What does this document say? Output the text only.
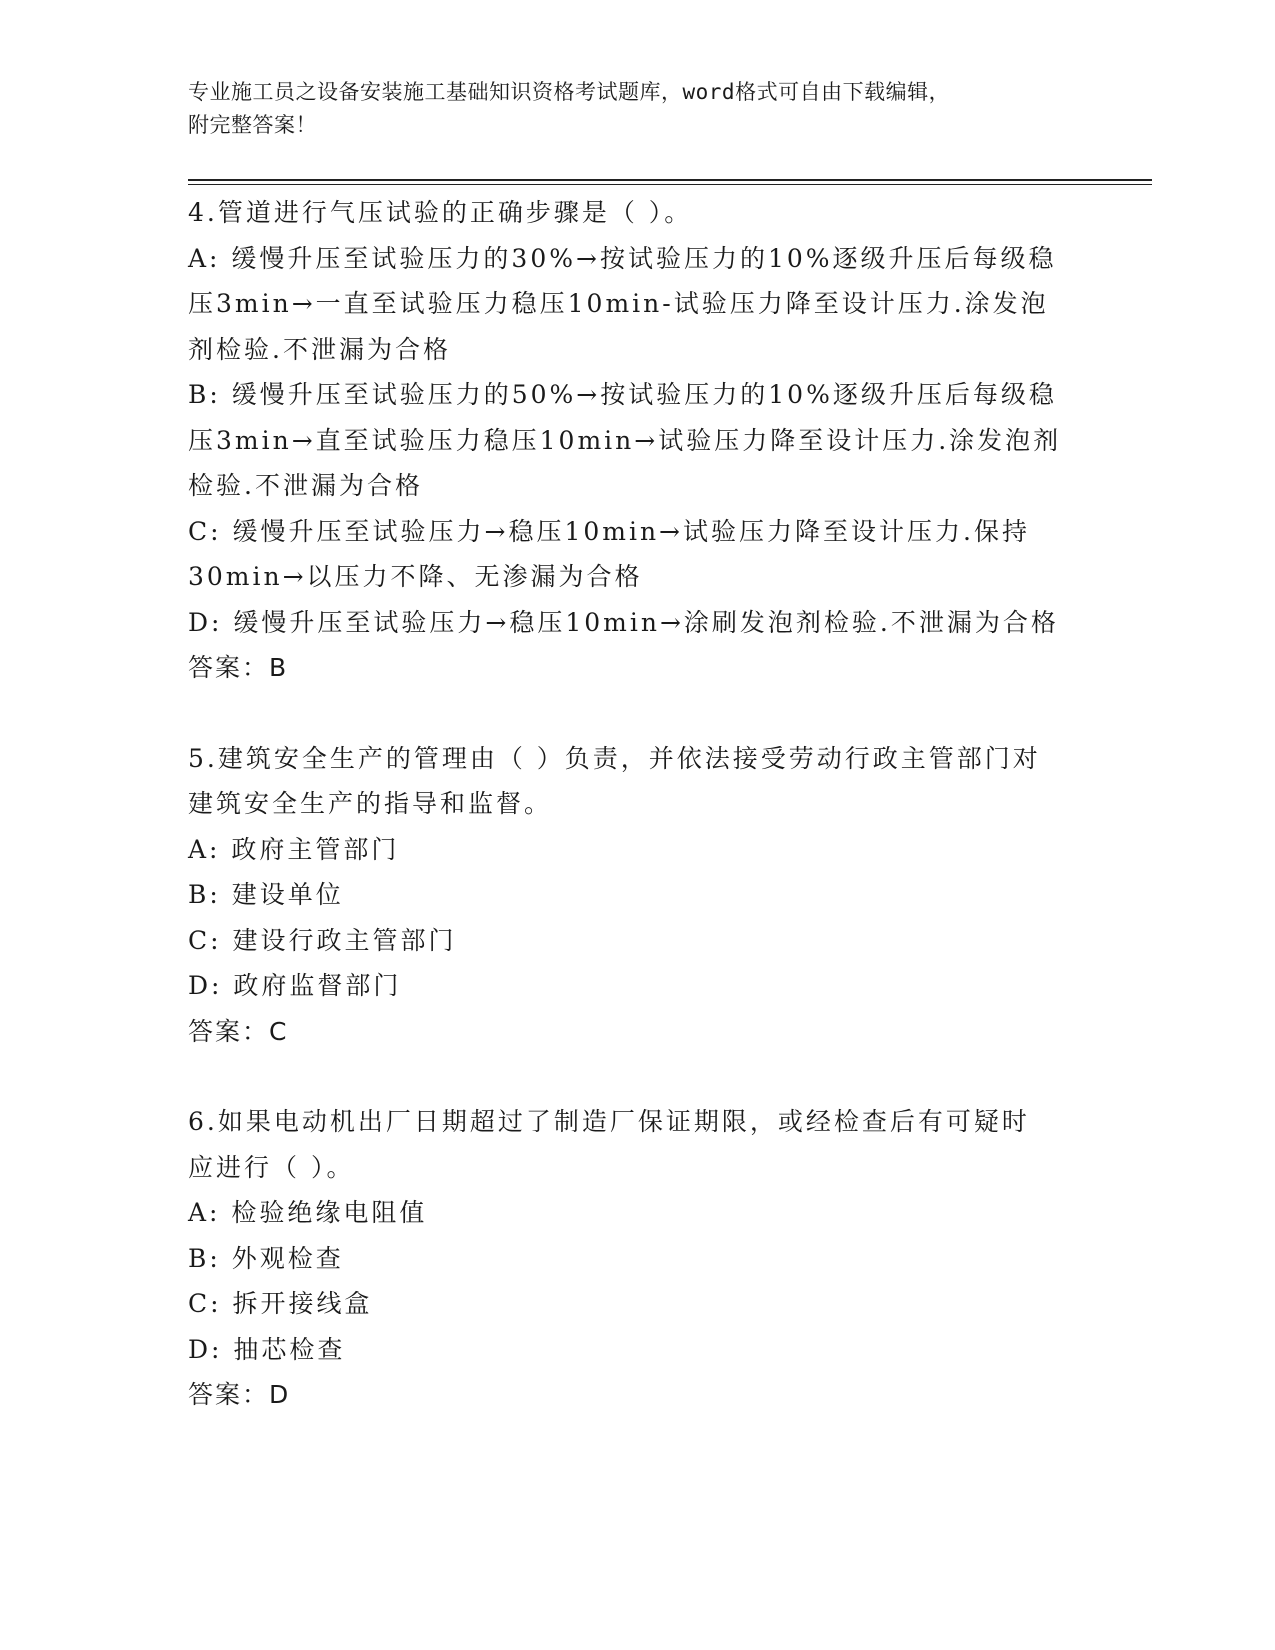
专业施工员之设备安装施工基础知识资格考试题库，word格式可自由下载编辑，
附完整答案！
4.管道进行气压试验的正确步骤是（ ）。
A: 缓慢升压至试验压力的30%→按试验压力的10%逐级升压后每级稳
压3min→一直至试验压力稳压10min-试验压力降至设计压力.涂发泡
剂检验.不泄漏为合格
B: 缓慢升压至试验压力的50%→按试验压力的10%逐级升压后每级稳
压3min→直至试验压力稳压10min→试验压力降至设计压力.涂发泡剂
检验.不泄漏为合格
C: 缓慢升压至试验压力→稳压10min→试验压力降至设计压力.保持
30min→以压力不降、无渗漏为合格
D: 缓慢升压至试验压力→稳压10min→涂刷发泡剂检验.不泄漏为合格
答案：B
5.建筑安全生产的管理由（ ）负责，并依法接受劳动行政主管部门对
建筑安全生产的指导和监督。
A: 政府主管部门
B: 建设单位
C: 建设行政主管部门
D: 政府监督部门
答案：C
6.如果电动机出厂日期超过了制造厂保证期限，或经检查后有可疑时
应进行（ ）。
A: 检验绝缘电阻值
B: 外观检查
C: 拆开接线盒
D: 抽芯检查
答案：D
